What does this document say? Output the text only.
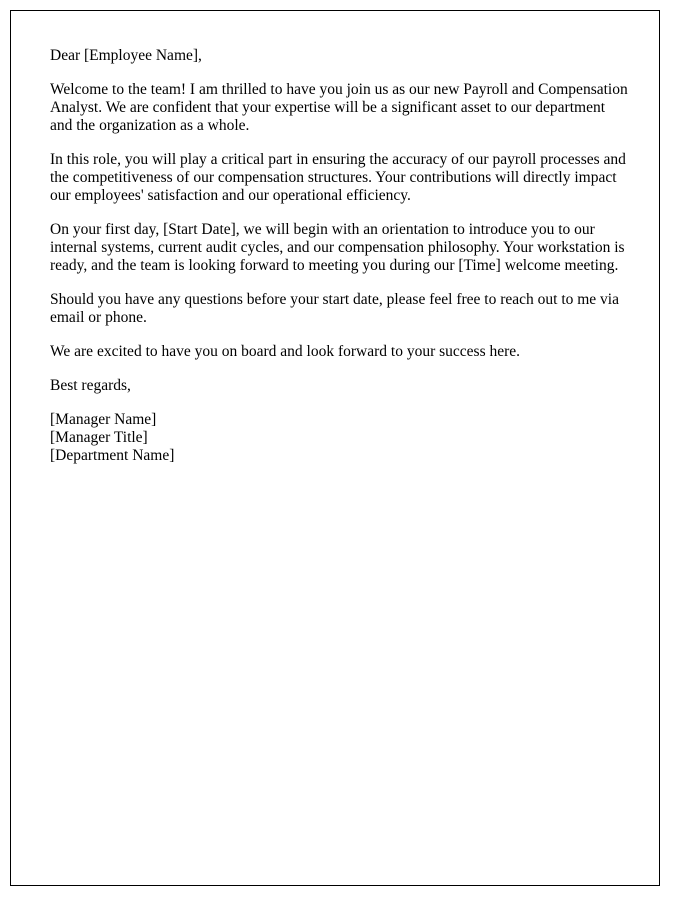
Dear [Employee Name],

Welcome to the team! I am thrilled to have you join us as our new Payroll and Compensation Analyst. We are confident that your expertise will be a significant asset to our department and the organization as a whole.

In this role, you will play a critical part in ensuring the accuracy of our payroll processes and the competitiveness of our compensation structures. Your contributions will directly impact our employees' satisfaction and our operational efficiency.

On your first day, [Start Date], we will begin with an orientation to introduce you to our internal systems, current audit cycles, and our compensation philosophy. Your workstation is ready, and the team is looking forward to meeting you during our [Time] welcome meeting.

Should you have any questions before your start date, please feel free to reach out to me via email or phone.

We are excited to have you on board and look forward to your success here.

Best regards,

[Manager Name]

[Manager Title]

[Department Name]
